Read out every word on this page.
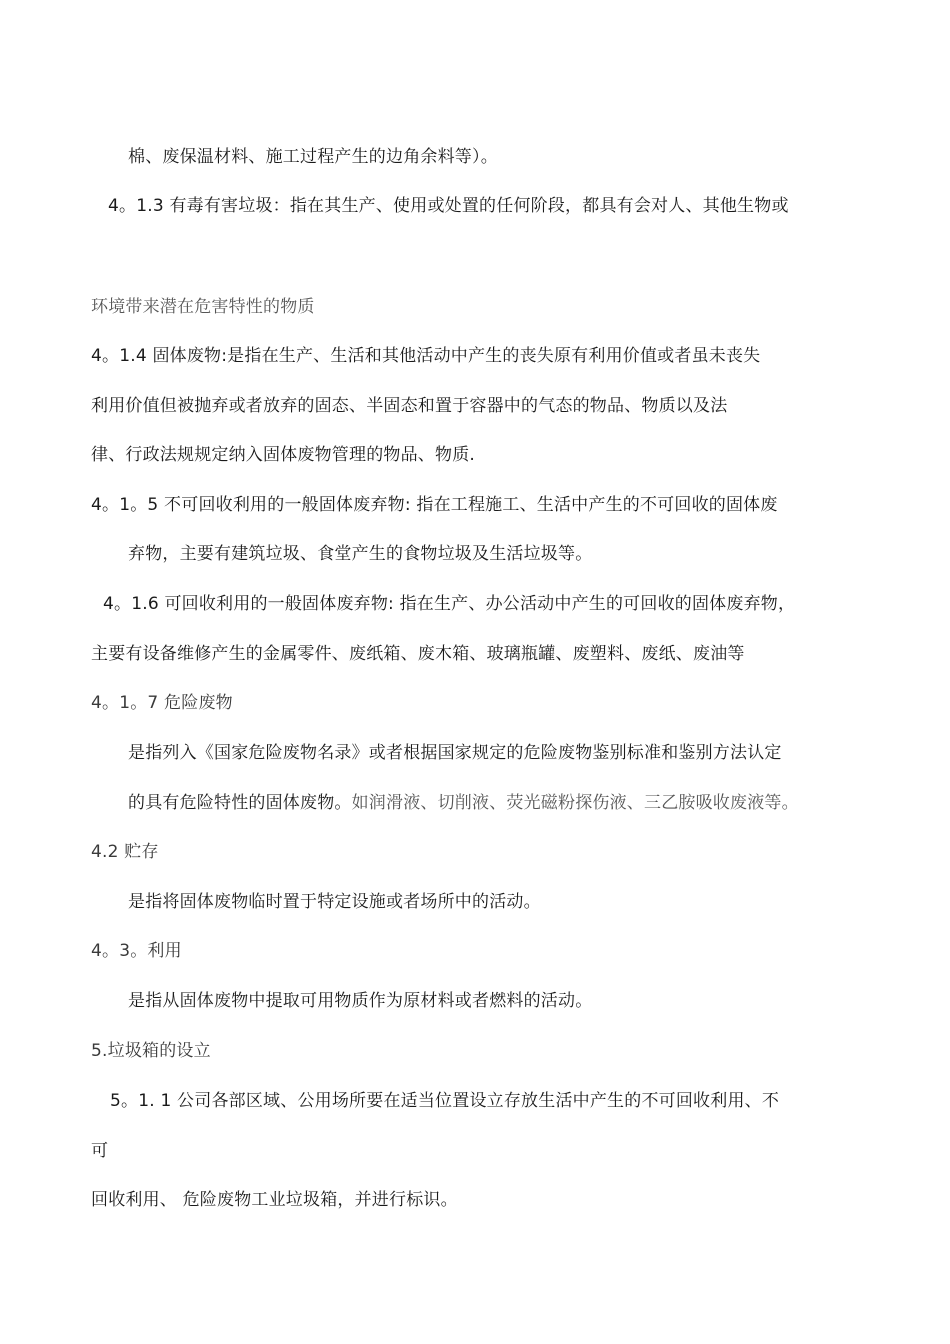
棉、废保温材料、施工过程产生的边角余料等）。
4。1.3 有毒有害垃圾：指在其生产、使用或处置的任何阶段，都具有会对人、其他生物或
环境带来潜在危害特性的物质
4。1.4 固体废物:是指在生产、生活和其他活动中产生的丧失原有利用价值或者虽未丧失
利用价值但被抛弃或者放弃的固态、半固态和置于容器中的气态的物品、物质以及法
律、行政法规规定纳入固体废物管理的物品、物质.
4。1。5 不可回收利用的一般固体废弃物: 指在工程施工、生活中产生的不可回收的固体废
弃物，主要有建筑垃圾、食堂产生的食物垃圾及生活垃圾等。
4。1.6 可回收利用的一般固体废弃物: 指在生产、办公活动中产生的可回收的固体废弃物，
主要有设备维修产生的金属零件、废纸箱、废木箱、玻璃瓶罐、废塑料、废纸、废油等
4。1。7 危险废物
是指列入《国家危险废物名录》或者根据国家规定的危险废物鉴别标准和鉴别方法认定
的具有危险特性的固体废物。如润滑液、切削液、荧光磁粉探伤液、三乙胺吸收废液等。
4.2 贮存
是指将固体废物临时置于特定设施或者场所中的活动。
4。3。利用
是指从固体废物中提取可用物质作为原材料或者燃料的活动。
5.垃圾箱的设立
5。1. 1 公司各部区域、公用场所要在适当位置设立存放生活中产生的不可回收利用、不
可
回收利用、 危险废物工业垃圾箱，并进行标识。
